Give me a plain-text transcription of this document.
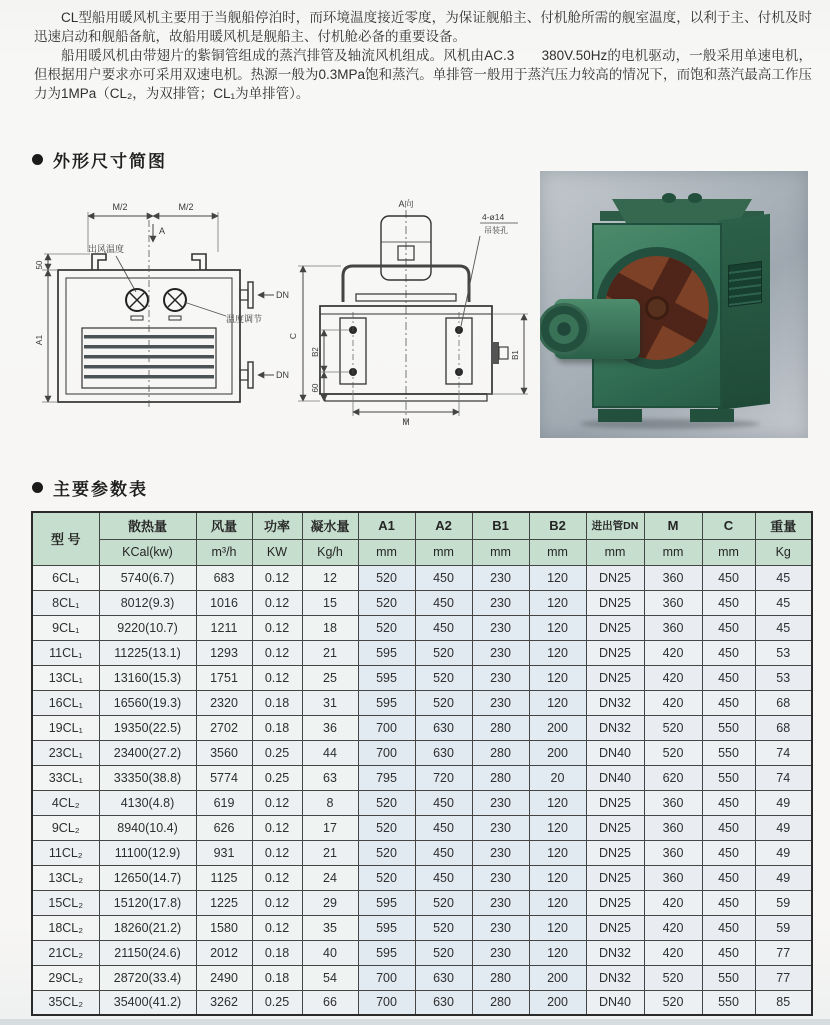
CL型船用暖风机主要用于当舰船停泊时，而环境温度接近零度，为保证舰船主、付机舱所需的舰室温度，以利于主、付机及时迅速启动和舰船备航，故船用暖风机是舰船主、付机舱必备的重要设备。

船用暖风机由带翅片的紫铜管组成的蒸汽排管及轴流风机组成。风机由AC.3　　380V.50Hz的电机驱动，一般采用单速电机，但根据用户要求亦可采用双速电机。热源一般为0.3MPa饱和蒸汽。单排管一般用于蒸汽压力较高的情况下，而饱和蒸汽最高工作压力为1MPa（CL₂，为双排管；CL₁为单排管）。

外形尺寸简图
M/2	M/2
A
出风温度
DN
DN
温度调节
50
A1
A向
4-ø14
吊装孔
C
B2
60
B1
M
主要参数表
型 号	散热量	风量	功率	凝水量	A1	A2	B1	B2	进出管DN	M	C	重量
	KCal(kw)	m³/h	KW	Kg/h	mm	mm	mm	mm	mm	mm	mm	Kg
6CL₁	5740(6.7)	683	0.12	12	520	450	230	120	DN25	360	450	45
8CL₁	8012(9.3)	1016	0.12	15	520	450	230	120	DN25	360	450	45
9CL₁	9220(10.7)	1211	0.12	18	520	450	230	120	DN25	360	450	45
11CL₁	11225(13.1)	1293	0.12	21	595	520	230	120	DN25	420	450	53
13CL₁	13160(15.3)	1751	0.12	25	595	520	230	120	DN25	420	450	53
16CL₁	16560(19.3)	2320	0.18	31	595	520	230	120	DN32	420	450	68
19CL₁	19350(22.5)	2702	0.18	36	700	630	280	200	DN32	520	550	68
23CL₁	23400(27.2)	3560	0.25	44	700	630	280	200	DN40	520	550	74
33CL₁	33350(38.8)	5774	0.25	63	795	720	280	20	DN40	620	550	74
4CL₂	4130(4.8)	619	0.12	8	520	450	230	120	DN25	360	450	49
9CL₂	8940(10.4)	626	0.12	17	520	450	230	120	DN25	360	450	49
11CL₂	11100(12.9)	931	0.12	21	520	450	230	120	DN25	360	450	49
13CL₂	12650(14.7)	1125	0.12	24	520	450	230	120	DN25	360	450	49
15CL₂	15120(17.8)	1225	0.12	29	595	520	230	120	DN25	420	450	59
18CL₂	18260(21.2)	1580	0.12	35	595	520	230	120	DN25	420	450	59
21CL₂	21150(24.6)	2012	0.18	40	595	520	230	120	DN32	420	450	77
29CL₂	28720(33.4)	2490	0.18	54	700	630	280	200	DN32	520	550	77
35CL₂	35400(41.2)	3262	0.25	66	700	630	280	200	DN40	520	550	85
